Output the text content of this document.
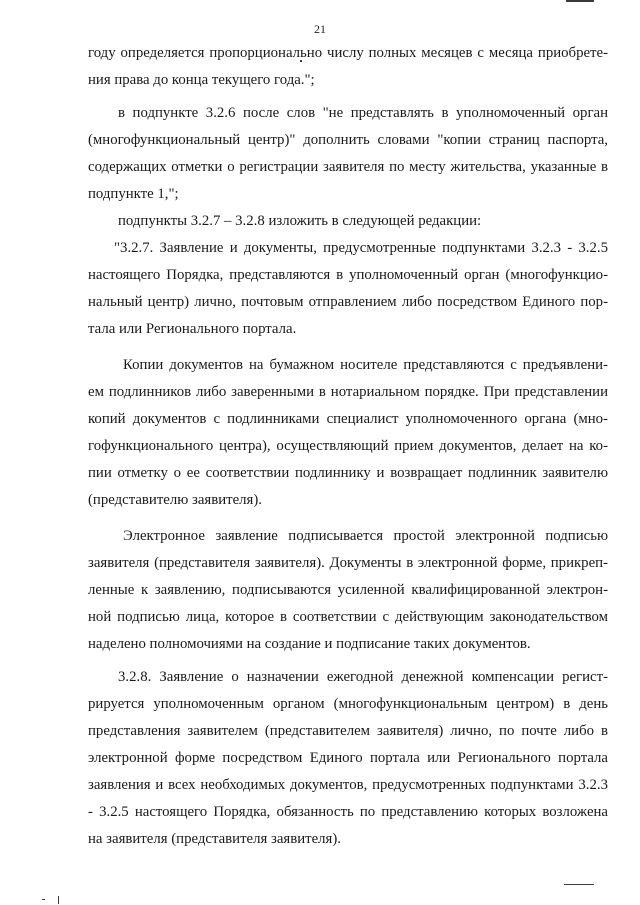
21
году определяется пропорционально числу полных месяцев с месяца приобрете-
ния права до конца текущего года.";
в подпункте 3.2.6 после слов "не представлять в уполномоченный орган
(многофункциональный центр)" дополнить словами "копии страниц паспорта,
содержащих отметки о регистрации заявителя по месту жительства, указанные в
подпункте 1,";
подпункты 3.2.7 – 3.2.8 изложить в следующей редакции:
"3.2.7. Заявление и документы, предусмотренные подпунктами 3.2.3 - 3.2.5
настоящего Порядка, представляются в уполномоченный орган (многофункцио-
нальный центр) лично, почтовым отправлением либо посредством Единого пор-
тала или Регионального портала.
Копии документов на бумажном носителе представляются с предъявлени-
ем подлинников либо заверенными в нотариальном порядке. При представлении
копий документов с подлинниками специалист уполномоченного органа (мно-
гофункционального центра), осуществляющий прием документов, делает на ко-
пии отметку о ее соответствии подлиннику и возвращает подлинник заявителю
(представителю заявителя).
Электронное заявление подписывается простой электронной подписью
заявителя (представителя заявителя). Документы в электронной форме, прикреп-
ленные к заявлению, подписываются усиленной квалифицированной электрон-
ной подписью лица, которое в соответствии с действующим законодательством
наделено полномочиями на создание и подписание таких документов.
3.2.8. Заявление о назначении ежегодной денежной компенсации регист-
рируется уполномоченным органом (многофункциональным центром) в день
представления заявителем (представителем заявителя) лично, по почте либо в
электронной форме посредством Единого портала или Регионального портала
заявления и всех необходимых документов, предусмотренных подпунктами 3.2.3
- 3.2.5 настоящего Порядка, обязанность по представлению которых возложена
на заявителя (представителя заявителя).
